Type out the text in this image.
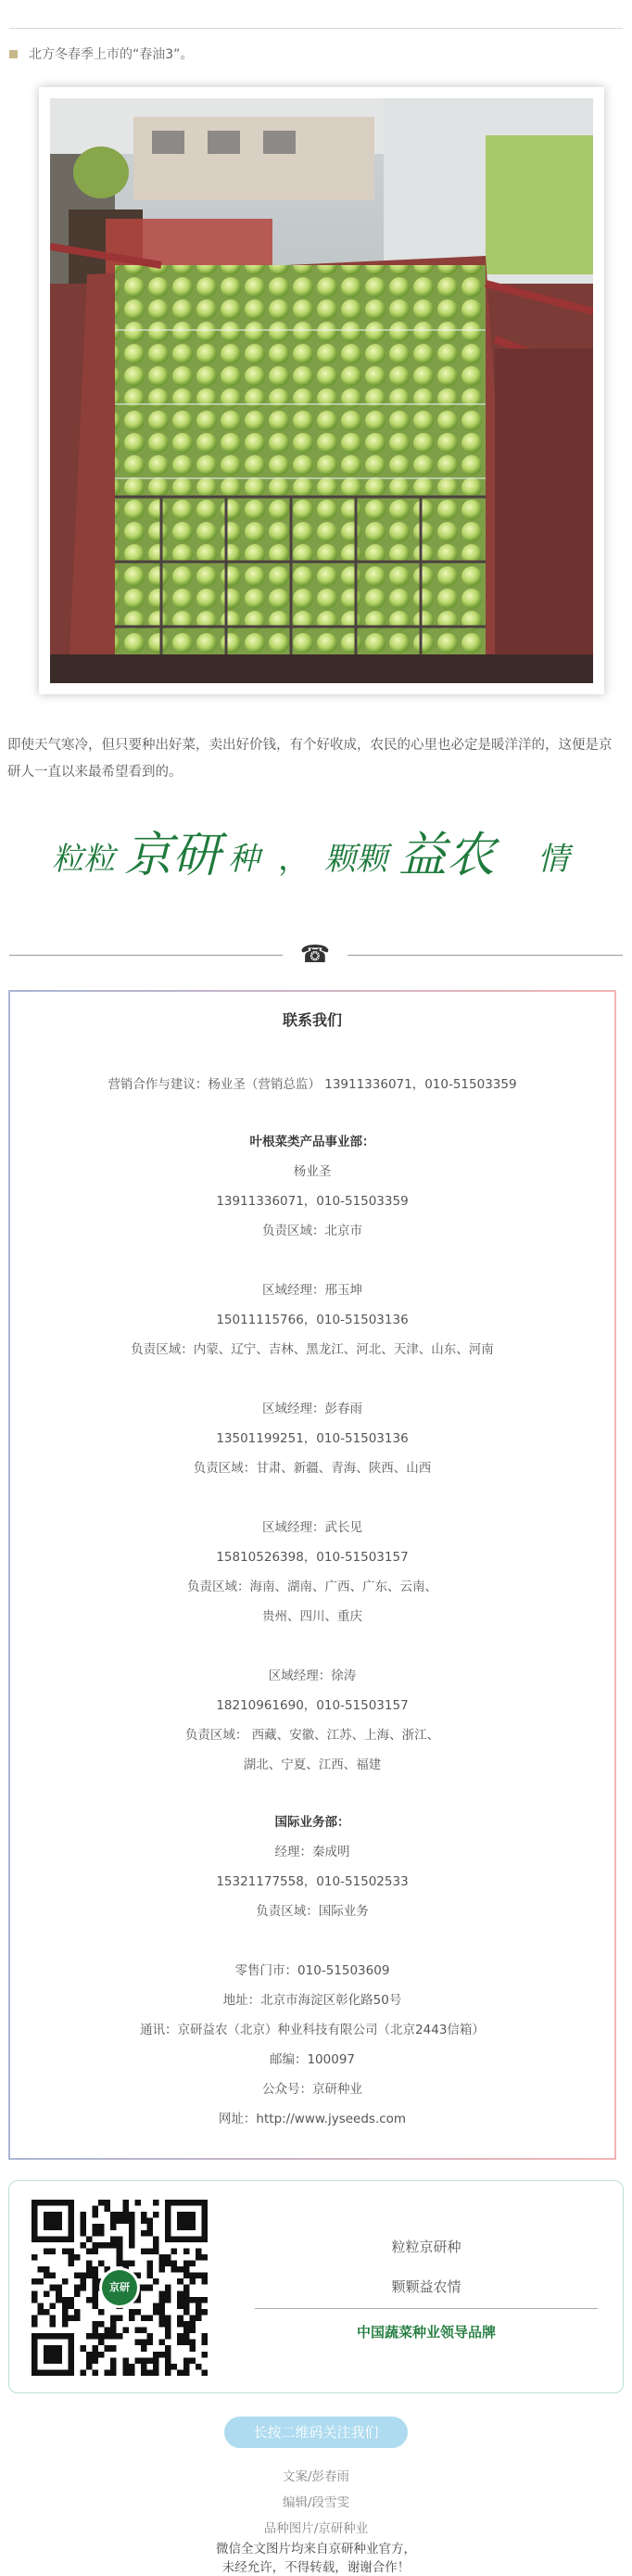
北方冬春季上市的“春油3”。
即使天气寒冷，但只要种出好菜，卖出好价钱，有个好收成，农民的心里也必定是暖洋洋的，这便是京研人一直以来最希望看到的。
粒粒 京研 种 ， 颗颗 益农 情
☎
联系我们
营销合作与建议：杨业圣（营销总监） 13911336071，010-51503359
叶根菜类产品事业部：
杨业圣
13911336071，010-51503359
负责区域：北京市
区域经理：邢玉坤
15011115766，010-51503136
负责区域：内蒙、辽宁、吉林、黑龙江、河北、天津、山东、河南
区域经理：彭春雨
13501199251，010-51503136
负责区域：甘肃、新疆、青海、陕西、山西
区域经理：武长见
15810526398，010-51503157
负责区域：海南、湖南、广西、广东、云南、
贵州、四川、重庆
区域经理：徐涛
18210961690，010-51503157
负责区域： 西藏、安徽、江苏、上海、浙江、
湖北、宁夏、江西、福建
国际业务部：
经理：秦成明
15321177558，010-51502533
负责区域：国际业务
零售门市：010-51503609
地址：北京市海淀区彰化路50号
通讯：京研益农（北京）种业科技有限公司（北京2443信箱）
邮编：100097
公众号：京研种业
网址：http://www.jyseeds.com
京研
粒粒京研种
颗颗益农情
中国蔬菜种业领导品牌
长按二维码关注我们
文案/彭春雨
编辑/段雪雯
品种图片/京研种业
微信全文图片均来自京研种业官方，
未经允许，不得转载，谢谢合作！
